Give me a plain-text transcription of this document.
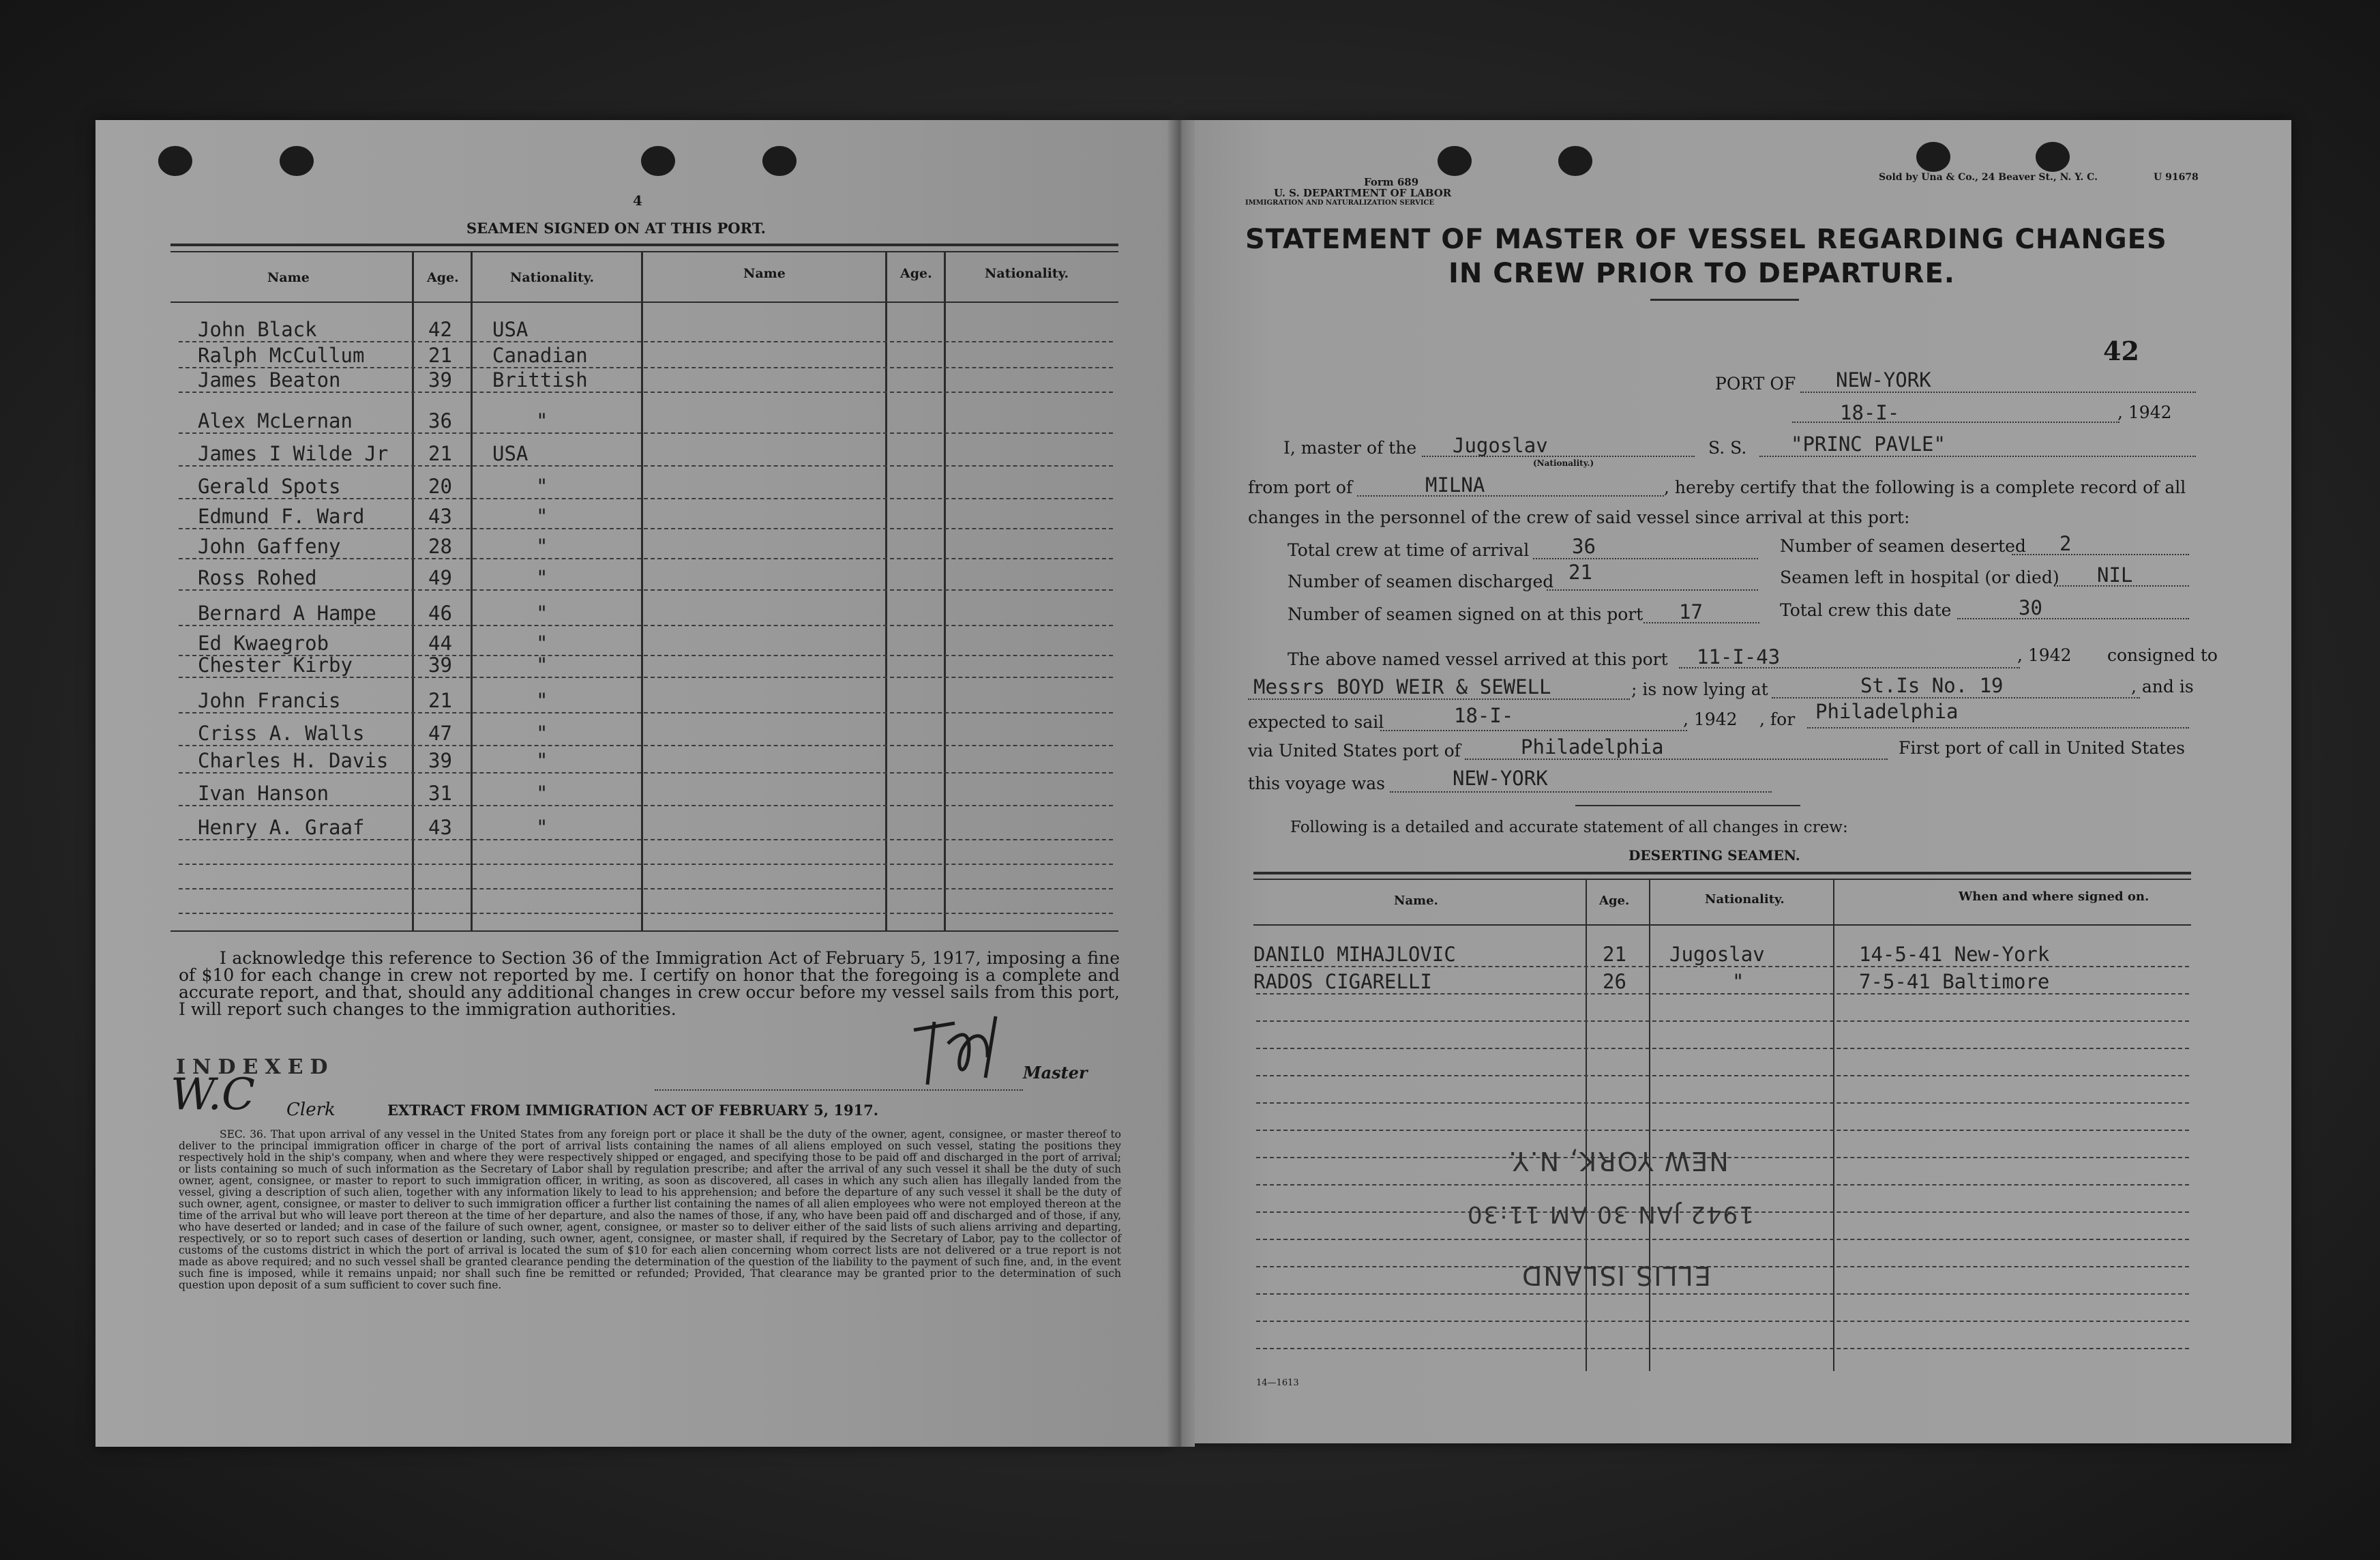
4
SEAMEN SIGNED ON AT THIS PORT.
Name	Age.	Nationality.	Name	Age.	Nationality.
John Black	42 USA
Ralph McCullum	21 Canadian
James Beaton	39 Brittish
Alex McLernan	36	"
James I Wilde Jr 21 USA
Gerald Spots	20	"
Edmund F. Ward	43	"
John Gaffeny	28	"
Ross Rohed	49	"
Bernard A Hampe	46	"
Ed Kwaegrob	44	"
Chester Kirby	39	"
John Francis	21	"
Criss A. Walls	47	"
Charles H. Davis 39	"
Ivan Hanson	31	"
Henry A. Graaf	43	"
I acknowledge this reference to Section 36 of the Immigration Act of February 5, 1917, imposing a fine of $10 for each change in crew not reported by me. I certify on honor that the foregoing is a complete and accurate report, and that, should any additional changes in crew occur before my vessel sails from this port, I will report such changes to the immigration authorities.
INDEXED
W.C Clerk
Master
EXTRACT FROM IMMIGRATION ACT OF FEBRUARY 5, 1917.
SEC. 36. That upon arrival of any vessel in the United States from any foreign port or place it shall be the duty of the owner, agent, consignee, or master thereof to deliver to the principal immigration officer in charge of the port of arrival lists containing the names of all aliens employed on such vessel, stating the positions they respectively hold in the ship's company, when and where they were respectively shipped or engaged, and specifying those to be paid off and discharged in the port of arrival; or lists containing so much of such information as the Secretary of Labor shall by regulation prescribe; and after the arrival of any such vessel it shall be the duty of such owner, agent, consignee, or master to report to such immigration officer, in writing, as soon as discovered, all cases in which any such alien has illegally landed from the vessel, giving a description of such alien, together with any information likely to lead to his apprehension; and before the departure of any such vessel it shall be the duty of such owner, agent, consignee, or master to deliver to such immigration officer a further list containing the names of all alien employees who were not employed thereon at the time of the arrival but who will leave port thereon at the time of her departure, and also the names of those, if any, who have been paid off and discharged and of those, if any, who have deserted or landed; and in case of the failure of such owner, agent, consignee, or master so to deliver either of the said lists of such aliens arriving and departing, respectively, or so to report such cases of desertion or landing, such owner, agent, consignee, or master shall, if required by the Secretary of Labor, pay to the collector of customs of the customs district in which the port of arrival is located the sum of $10 for each alien concerning whom correct lists are not delivered or a true report is not made as above required; and no such vessel shall be granted clearance pending the determination of the question of the liability to the payment of such fine, and, in the event such fine is imposed, while it remains unpaid; nor shall such fine be remitted or refunded; Provided, That clearance may be granted prior to the determination of such question upon deposit of a sum sufficient to cover such fine.
Form 689
U. S. DEPARTMENT OF LABOR
IMMIGRATION AND NATURALIZATION SERVICE
Sold by Una & Co., 24 Beaver St., N. Y. C.	U 91678
STATEMENT OF MASTER OF VESSEL REGARDING CHANGES
IN CREW PRIOR TO DEPARTURE.
42
PORT OF NEW-YORK
18-I-	, 1942
I, master of the Jugoslav
(Nationality.)
S. S. "PRINC PAVLE"
from port of	MILNA	, hereby certify that the following is a complete record of all
changes in the personnel of the crew of said vessel since arrival at this port:
Total crew at time of arrival 36	Number of seamen deserted 2
Number of seamen discharged 21	Seamen left in hospital (or died) NIL
Number of seamen signed on at this port 17	Total crew this date	30
The above named vessel arrived at this port 11-I-43	, 1942 consigned to
Messrs BOYD WEIR & SEWELL	; is now lying at	St.Is No. 19	, and is
expected to sail	18-I-	, 1942 , for Philadelphia
via United States port of	Philadelphia	First port of call in United States
this voyage was	NEW-YORK
Following is a detailed and accurate statement of all changes in crew:
DESERTING SEAMEN.
Name.	Age.	Nationality.	When and where signed on.
DANILO MIHAJLOVIC	21 Jugoslav	14-5-41 New-York
RADOS CIGARELLI	26	"	7-5-41 Baltimore
NEW YORK, N.Y.
1942 JAN 30 AM 11:30
ELLIS ISLAND
14—1613
